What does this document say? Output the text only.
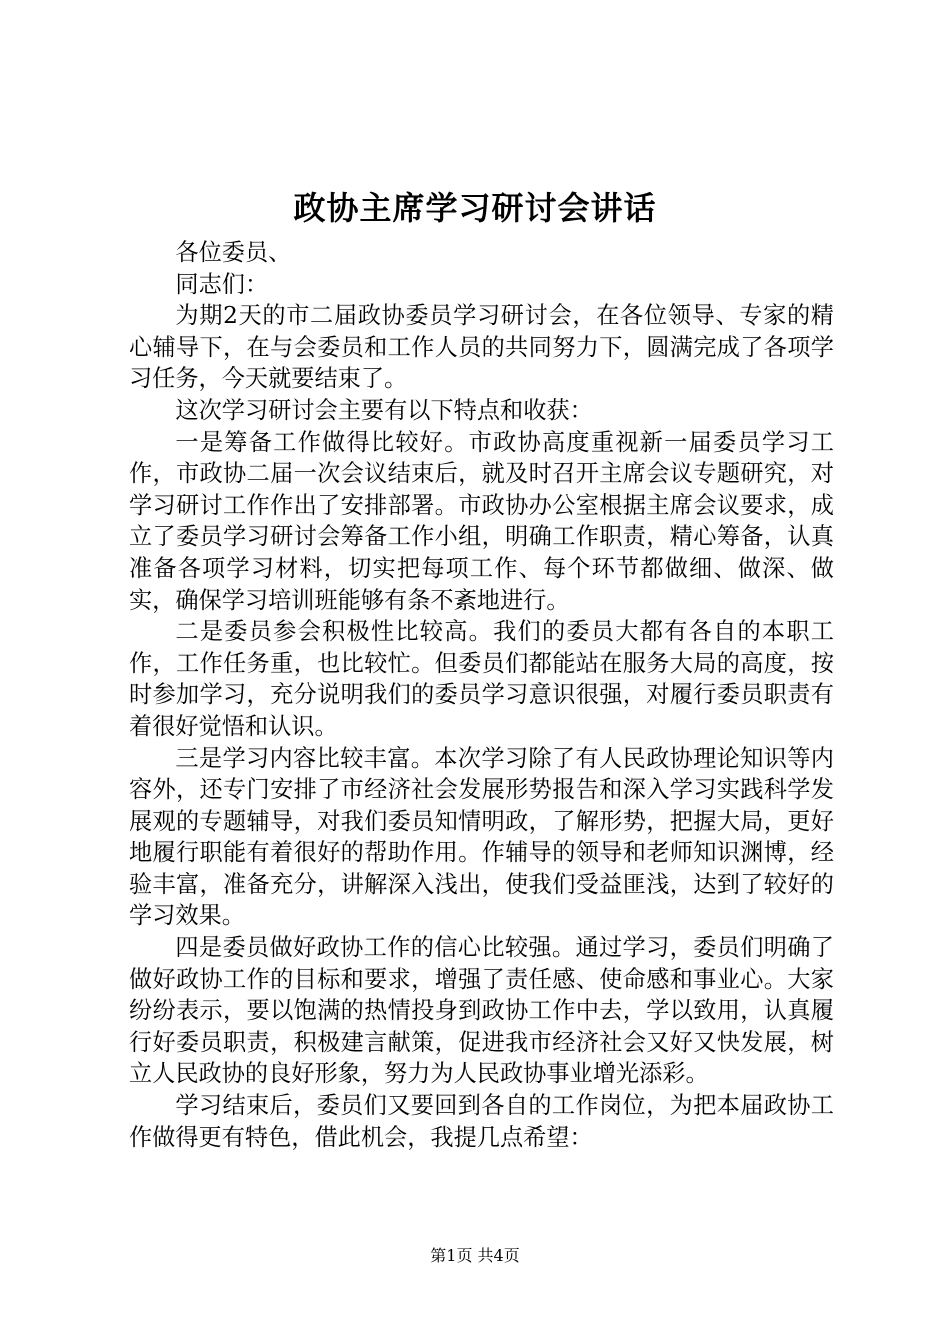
政协主席学习研讨会讲话

各位委员、

同志们：

为期2天的市二届政协委员学习研讨会，在各位领导、专家的精心辅导下，在与会委员和工作人员的共同努力下，圆满完成了各项学习任务，今天就要结束了。

这次学习研讨会主要有以下特点和收获：

一是筹备工作做得比较好。市政协高度重视新一届委员学习工作，市政协二届一次会议结束后，就及时召开主席会议专题研究，对学习研讨工作作出了安排部署。市政协办公室根据主席会议要求，成立了委员学习研讨会筹备工作小组，明确工作职责，精心筹备，认真准备各项学习材料，切实把每项工作、每个环节都做细、做深、做实，确保学习培训班能够有条不紊地进行。

二是委员参会积极性比较高。我们的委员大都有各自的本职工作，工作任务重，也比较忙。但委员们都能站在服务大局的高度，按时参加学习，充分说明我们的委员学习意识很强，对履行委员职责有着很好觉悟和认识。

三是学习内容比较丰富。本次学习除了有人民政协理论知识等内容外，还专门安排了市经济社会发展形势报告和深入学习实践科学发展观的专题辅导，对我们委员知情明政，了解形势，把握大局，更好地履行职能有着很好的帮助作用。作辅导的领导和老师知识渊博，经验丰富，准备充分，讲解深入浅出，使我们受益匪浅，达到了较好的学习效果。

四是委员做好政协工作的信心比较强。通过学习，委员们明确了做好政协工作的目标和要求，增强了责任感、使命感和事业心。大家纷纷表示，要以饱满的热情投身到政协工作中去，学以致用，认真履行好委员职责，积极建言献策，促进我市经济社会又好又快发展，树立人民政协的良好形象，努力为人民政协事业增光添彩。

学习结束后，委员们又要回到各自的工作岗位，为把本届政协工作做得更有特色，借此机会，我提几点希望：

第1页 共4页
